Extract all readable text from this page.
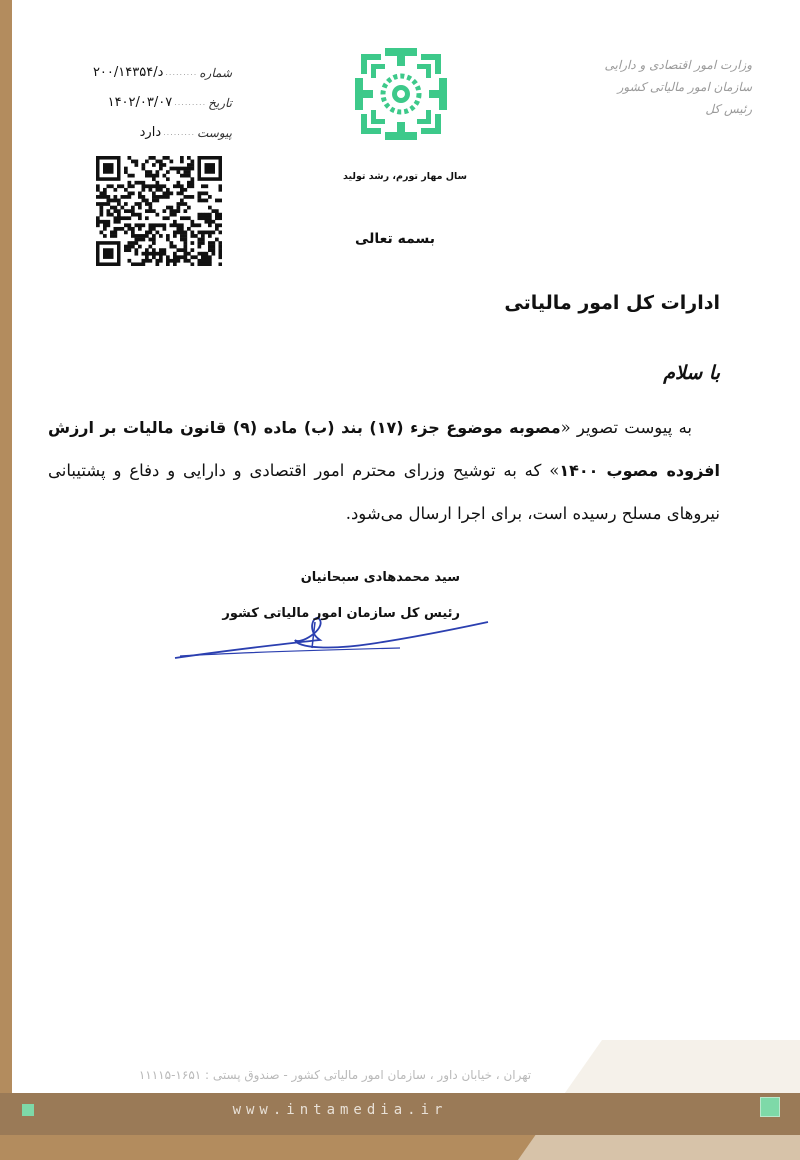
وزارت امور اقتصادی و دارایی
سازمان امور مالیاتی کشور
رئیس کل
سال مهار تورم، رشد تولید
بسمه تعالی
شماره
.........
د/۲۰۰/۱۴۳۵۴
تاریخ
.........
۱۴۰۲/۰۳/۰۷
پیوست
.........
دارد
ادارات کل امور مالیاتی
با سلام
به پیوست تصویر «مصوبه موضوع جزء (۱۷) بند (ب) ماده (۹) قانون مالیات بر ارزش افزوده مصوب ۱۴۰۰» که به توشیح وزرای محترم امور اقتصادی و دارایی و دفاع و پشتیبانی نیروهای مسلح رسیده است، برای اجرا ارسال می‌شود.
سید محمدهادی سبحانیان
رئیس کل سازمان امور مالیاتی کشور
تهران ، خیابان داور ، سازمان امور مالیاتی کشور - صندوق پستی : ۱۶۵۱-۱۱۱۱۵
www.intamedia.ir
